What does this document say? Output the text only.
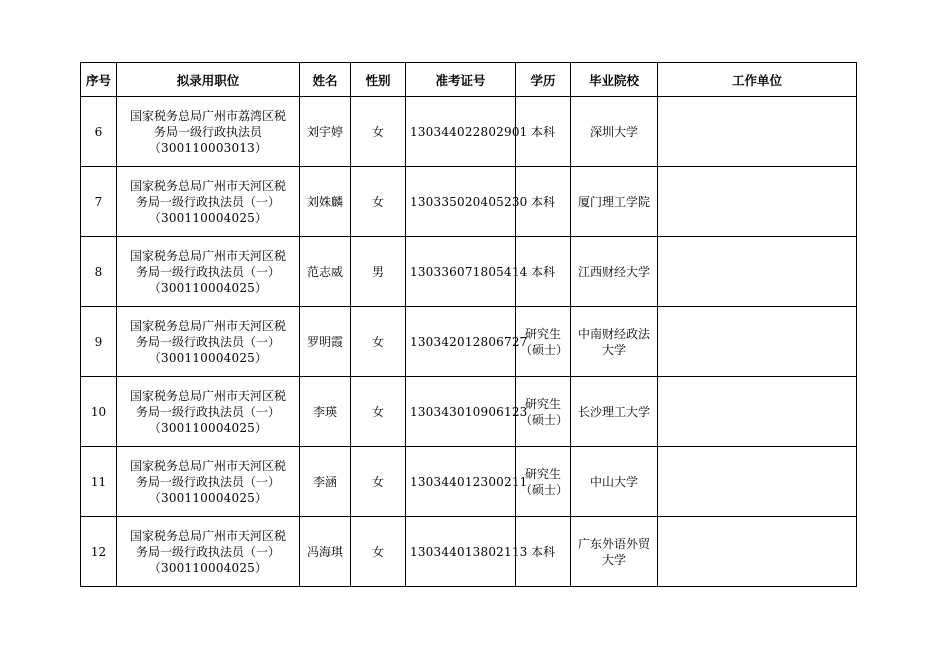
序号	拟录用职位	姓名	性别	准考证号	学历	毕业院校	工作单位
6	国家税务总局广州市荔湾区税
务局一级行政执法员
（300110003013）	刘宇婷	女	130344022802901	本科	深圳大学	
7	国家税务总局广州市天河区税
务局一级行政执法员（一）
（300110004025）	刘姝麟	女	130335020405230	本科	厦门理工学院	
8	国家税务总局广州市天河区税
务局一级行政执法员（一）
（300110004025）	范志威	男	130336071805414	本科	江西财经大学	
9	国家税务总局广州市天河区税
务局一级行政执法员（一）
（300110004025）	罗明霞	女	130342012806727	研究生（硕士）	中南财经政法大学	
10	国家税务总局广州市天河区税
务局一级行政执法员（一）
（300110004025）	李瑛	女	130343010906123	研究生（硕士）	长沙理工大学	
11	国家税务总局广州市天河区税
务局一级行政执法员（一）
（300110004025）	李涵	女	130344012300211	研究生（硕士）	中山大学	
12	国家税务总局广州市天河区税
务局一级行政执法员（一）
（300110004025）	冯海琪	女	130344013802113	本科	广东外语外贸大学	
